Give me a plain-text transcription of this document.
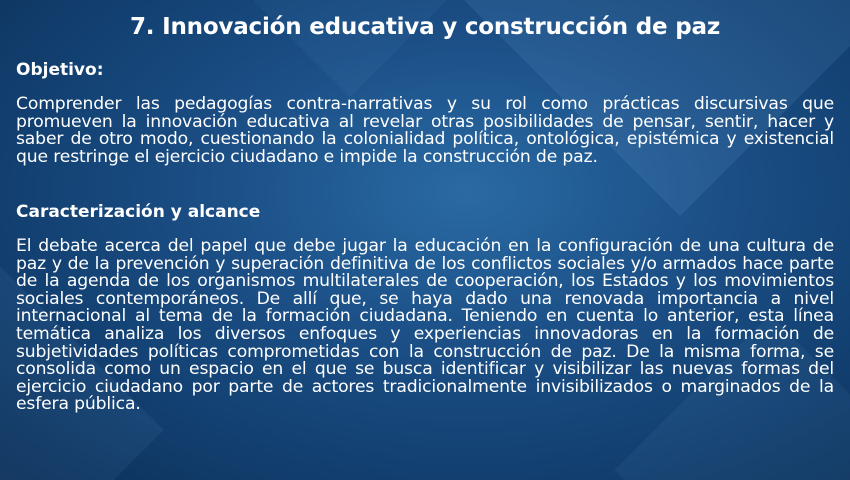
7. Innovación educativa y construcción de paz
Objetivo:
Comprender las pedagogías contra-narrativas y su rol como prácticas discursivas que promueven la innovación educativa al revelar otras posibilidades de pensar, sentir, hacer y saber de otro modo, cuestionando la colonialidad política, ontológica, epistémica y existencial que restringe el ejercicio ciudadano e impide la construcción de paz.
Caracterización y alcance
El debate acerca del papel que debe jugar la educación en la configuración de una cultura de paz y de la prevención y superación definitiva de los conflictos sociales y/o armados hace parte de la agenda de los organismos multilaterales de cooperación, los Estados y los movimientos sociales contemporáneos. De allí que, se haya dado una renovada importancia a nivel internacional al tema de la formación ciudadana. Teniendo en cuenta lo anterior, esta línea temática analiza los diversos enfoques y experiencias innovadoras en la formación de subjetividades políticas comprometidas con la construcción de paz. De la misma forma, se consolida como un espacio en el que se busca identificar y visibilizar las nuevas formas del ejercicio ciudadano por parte de actores tradicionalmente invisibilizados o marginados de la esfera pública.
